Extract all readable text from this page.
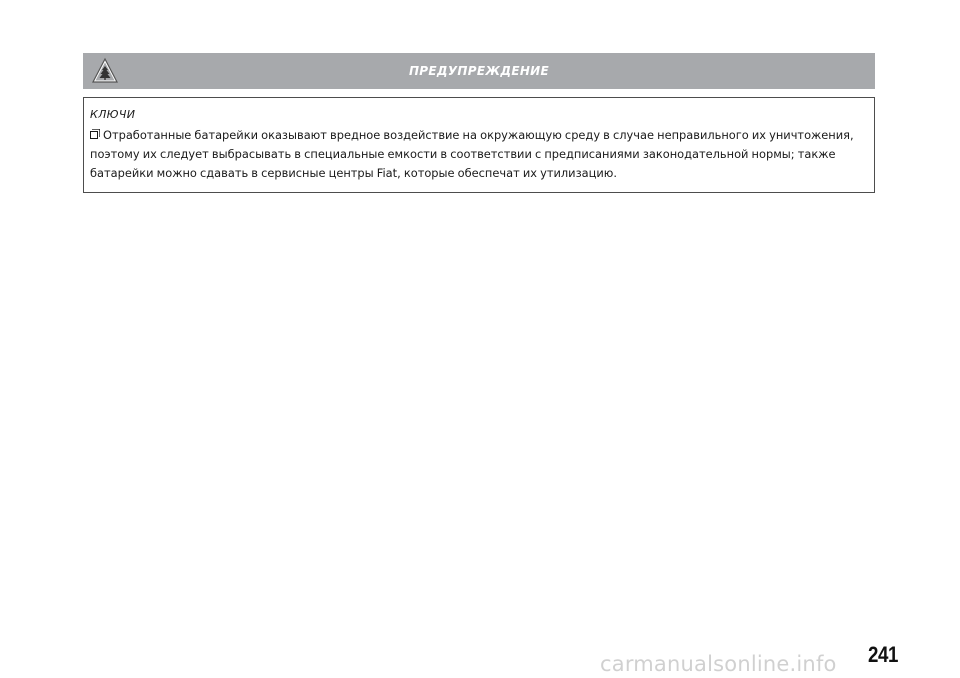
ПРЕДУПРЕЖДЕНИЕ
КЛЮЧИ

Отработанные батарейки оказывают вредное воздействие на окружающую среду в случае неправильного их уничтожения,
поэтому их следует выбрасывать в специальные емкости в соответствии с предписаниями законодательной нормы; также
батарейки можно сдавать в сервисные центры Fiat, которые обеспечат их утилизацию.

carmanualsonline.info	241
